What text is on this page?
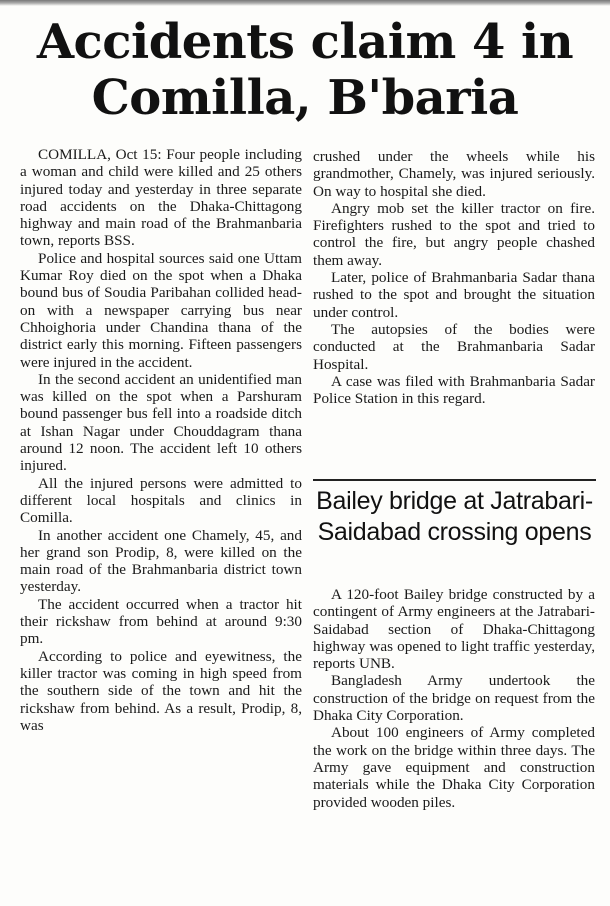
Accidents claim 4 in Comilla, B'baria

COMILLA, Oct 15: Four people including a woman and child were killed and 25 others injured today and yesterday in three separate road accidents on the Dhaka-Chittagong highway and main road of the Brahmanbaria town, reports BSS.

Police and hospital sources said one Uttam Kumar Roy died on the spot when a Dhaka bound bus of Soudia Paribahan collided head-on with a newspaper carrying bus near Chhoighoria under Chandina thana of the district early this morning. Fifteen passengers were injured in the accident.

In the second accident an unidentified man was killed on the spot when a Parshuram bound passenger bus fell into a roadside ditch at Ishan Nagar under Chouddagram thana around 12 noon. The accident left 10 others injured.

All the injured persons were admitted to different local hospitals and clinics in Comilla.

In another accident one Chamely, 45, and her grand son Prodip, 8, were killed on the main road of the Brahmanbaria district town yesterday.

The accident occurred when a tractor hit their rickshaw from behind at around 9:30 pm.

According to police and eyewitness, the killer tractor was coming in high speed from the southern side of the town and hit the rickshaw from behind. As a result, Prodip, 8, was

crushed under the wheels while his grandmother, Chamely, was injured seriously. On way to hospital she died.

Angry mob set the killer tractor on fire. Firefighters rushed to the spot and tried to control the fire, but angry people chashed them away.

Later, police of Brahmanbaria Sadar thana rushed to the spot and brought the situation under control.

The autopsies of the bodies were conducted at the Brahmanbaria Sadar Hospital.

A case was filed with Brahmanbaria Sadar Police Station in this regard.

Bailey bridge at Jatrabari-Saidabad crossing opens

A 120-foot Bailey bridge constructed by a contingent of Army engineers at the Jatrabari-Saidabad section of Dhaka-Chittagong highway was opened to light traffic yesterday, reports UNB.

Bangladesh Army undertook the construction of the bridge on request from the Dhaka City Corporation.

About 100 engineers of Army completed the work on the bridge within three days. The Army gave equipment and construction materials while the Dhaka City Corporation provided wooden piles.
